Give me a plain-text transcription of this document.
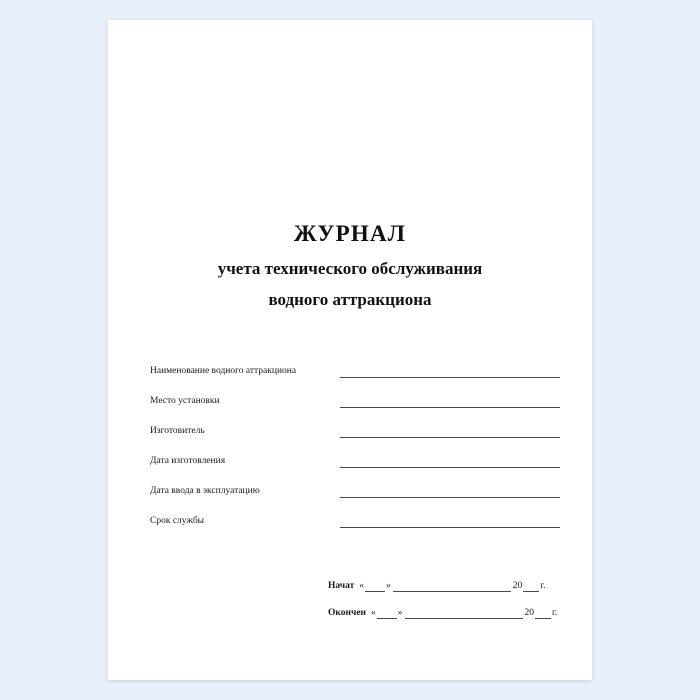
ЖУРНАЛ
учета технического обслуживания
водного аттракциона
Наименование водного аттракциона
Место установки
Изготовитель
Дата изготовления
Дата ввода в эксплуатацию
Срок службы
Начат « »	20 г.
Окончен « »	20 г.
